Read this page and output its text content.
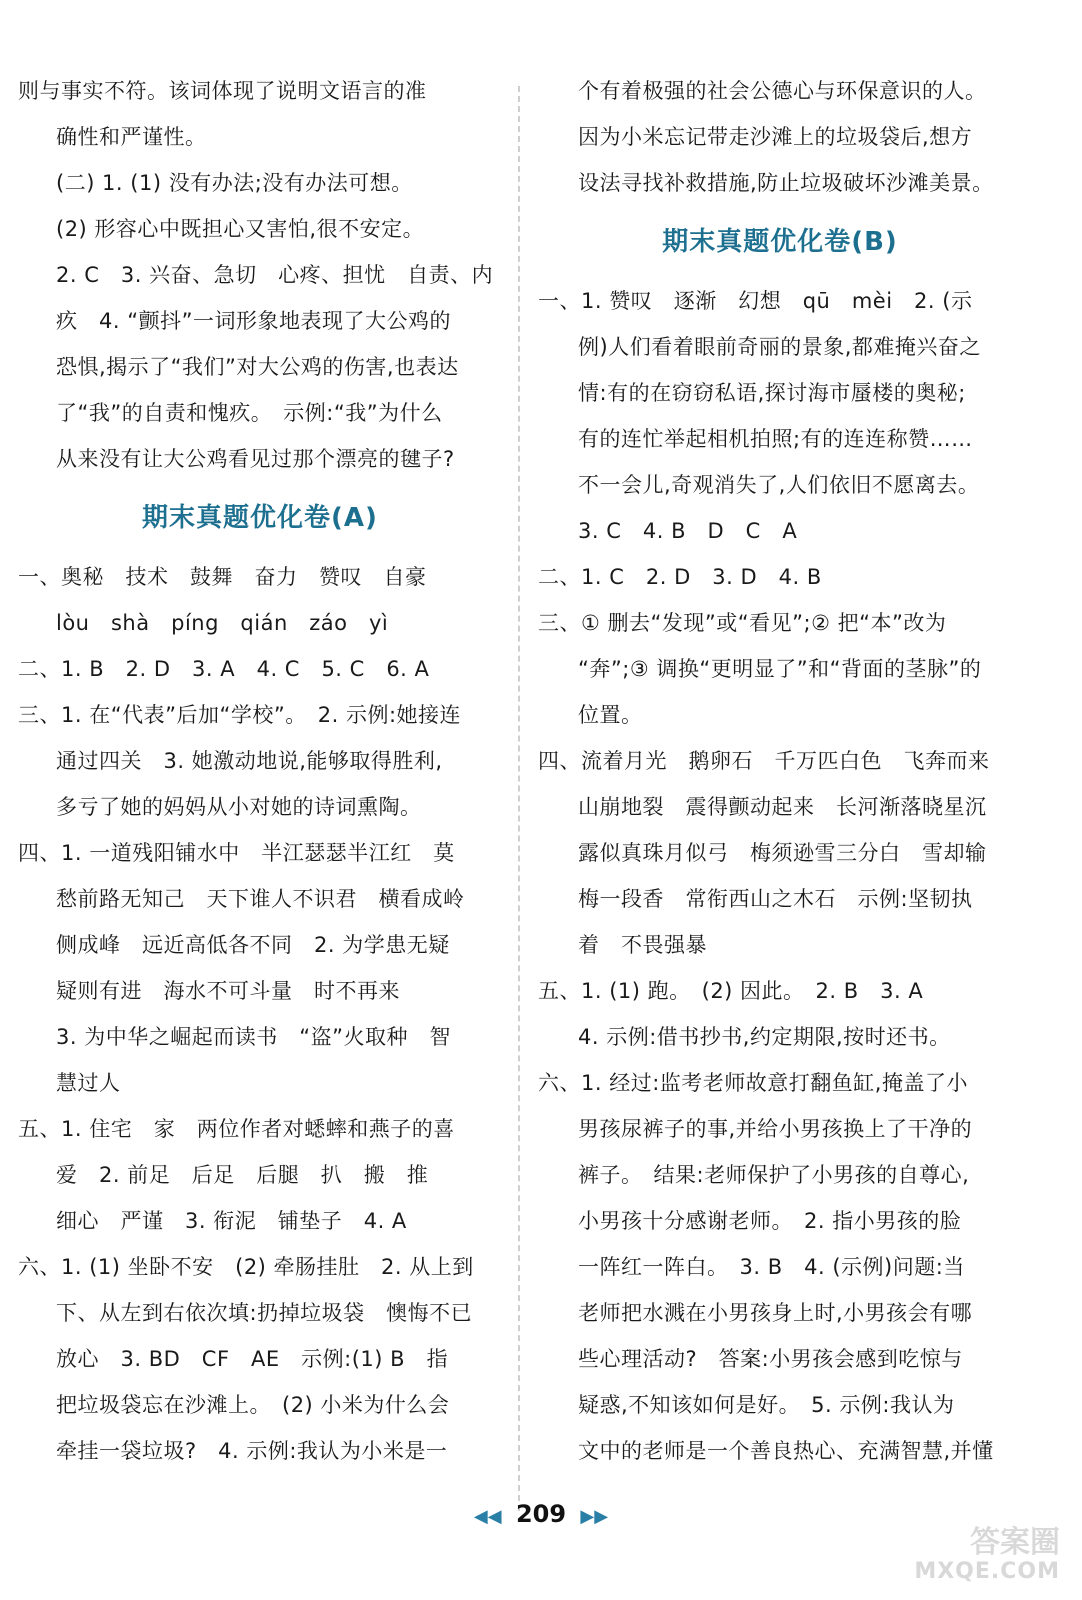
则与事实不符。该词体现了说明文语言的准
确性和严谨性。
(二) 1. (1) 没有办法;没有办法可想。
(2) 形容心中既担心又害怕,很不安定。
2. C　3. 兴奋、急切　心疼、担忧　自责、内
疚　4. “颤抖”一词形象地表现了大公鸡的
恐惧,揭示了“我们”对大公鸡的伤害,也表达
了“我”的自责和愧疚。　示例:“我”为什么
从来没有让大公鸡看见过那个漂亮的毽子?
期末真题优化卷(A)
一、奥秘　技术　鼓舞　奋力　赞叹　自豪
lòu　shà　píng　qián　záo　yì
二、1. B　2. D　3. A　4. C　5. C　6. A
三、1. 在“代表”后加“学校”。　2. 示例:她接连
通过四关　3. 她激动地说,能够取得胜利,
多亏了她的妈妈从小对她的诗词熏陶。
四、1. 一道残阳铺水中　半江瑟瑟半江红　莫
愁前路无知己　天下谁人不识君　横看成岭
侧成峰　远近高低各不同　2. 为学患无疑
疑则有进　海水不可斗量　时不再来
3. 为中华之崛起而读书　“盗”火取种　智
慧过人
五、1. 住宅　家　两位作者对蟋蟀和燕子的喜
爱　2. 前足　后足　后腿　扒　搬　推
细心　严谨　3. 衔泥　铺垫子　4. A
六、1. (1) 坐卧不安　(2) 牵肠挂肚　2. 从上到
下、从左到右依次填:扔掉垃圾袋　懊悔不已
放心　3. BD　CF　AE　示例:(1) B　指
把垃圾袋忘在沙滩上。　(2) 小米为什么会
牵挂一袋垃圾?　4. 示例:我认为小米是一
个有着极强的社会公德心与环保意识的人。
因为小米忘记带走沙滩上的垃圾袋后,想方
设法寻找补救措施,防止垃圾破坏沙滩美景。
期末真题优化卷(B)
一、1. 赞叹　逐渐　幻想　qū　mèi　2. (示
例)人们看着眼前奇丽的景象,都难掩兴奋之
情:有的在窃窃私语,探讨海市蜃楼的奥秘;
有的连忙举起相机拍照;有的连连称赞……
不一会儿,奇观消失了,人们依旧不愿离去。
3. C　4. B　D　C　A
二、1. C　2. D　3. D　4. B
三、① 删去“发现”或“看见”;② 把“本”改为
“奔”;③ 调换“更明显了”和“背面的茎脉”的
位置。
四、流着月光　鹅卵石　千万匹白色　飞奔而来
山崩地裂　震得颤动起来　长河渐落晓星沉
露似真珠月似弓　梅须逊雪三分白　雪却输
梅一段香　常衔西山之木石　示例:坚韧执
着　不畏强暴
五、1. (1) 跑。　(2) 因此。　2. B　3. A
4. 示例:借书抄书,约定期限,按时还书。
六、1. 经过:监考老师故意打翻鱼缸,掩盖了小
男孩尿裤子的事,并给小男孩换上了干净的
裤子。　结果:老师保护了小男孩的自尊心,
小男孩十分感谢老师。　2. 指小男孩的脸
一阵红一阵白。　3. B　4. (示例)问题:当
老师把水溅在小男孩身上时,小男孩会有哪
些心理活动?　答案:小男孩会感到吃惊与
疑惑,不知该如何是好。　5. 示例:我认为
文中的老师是一个善良热心、充满智慧,并懂
◀◀ 209 ▶▶
答案圈
MXQE.COM
